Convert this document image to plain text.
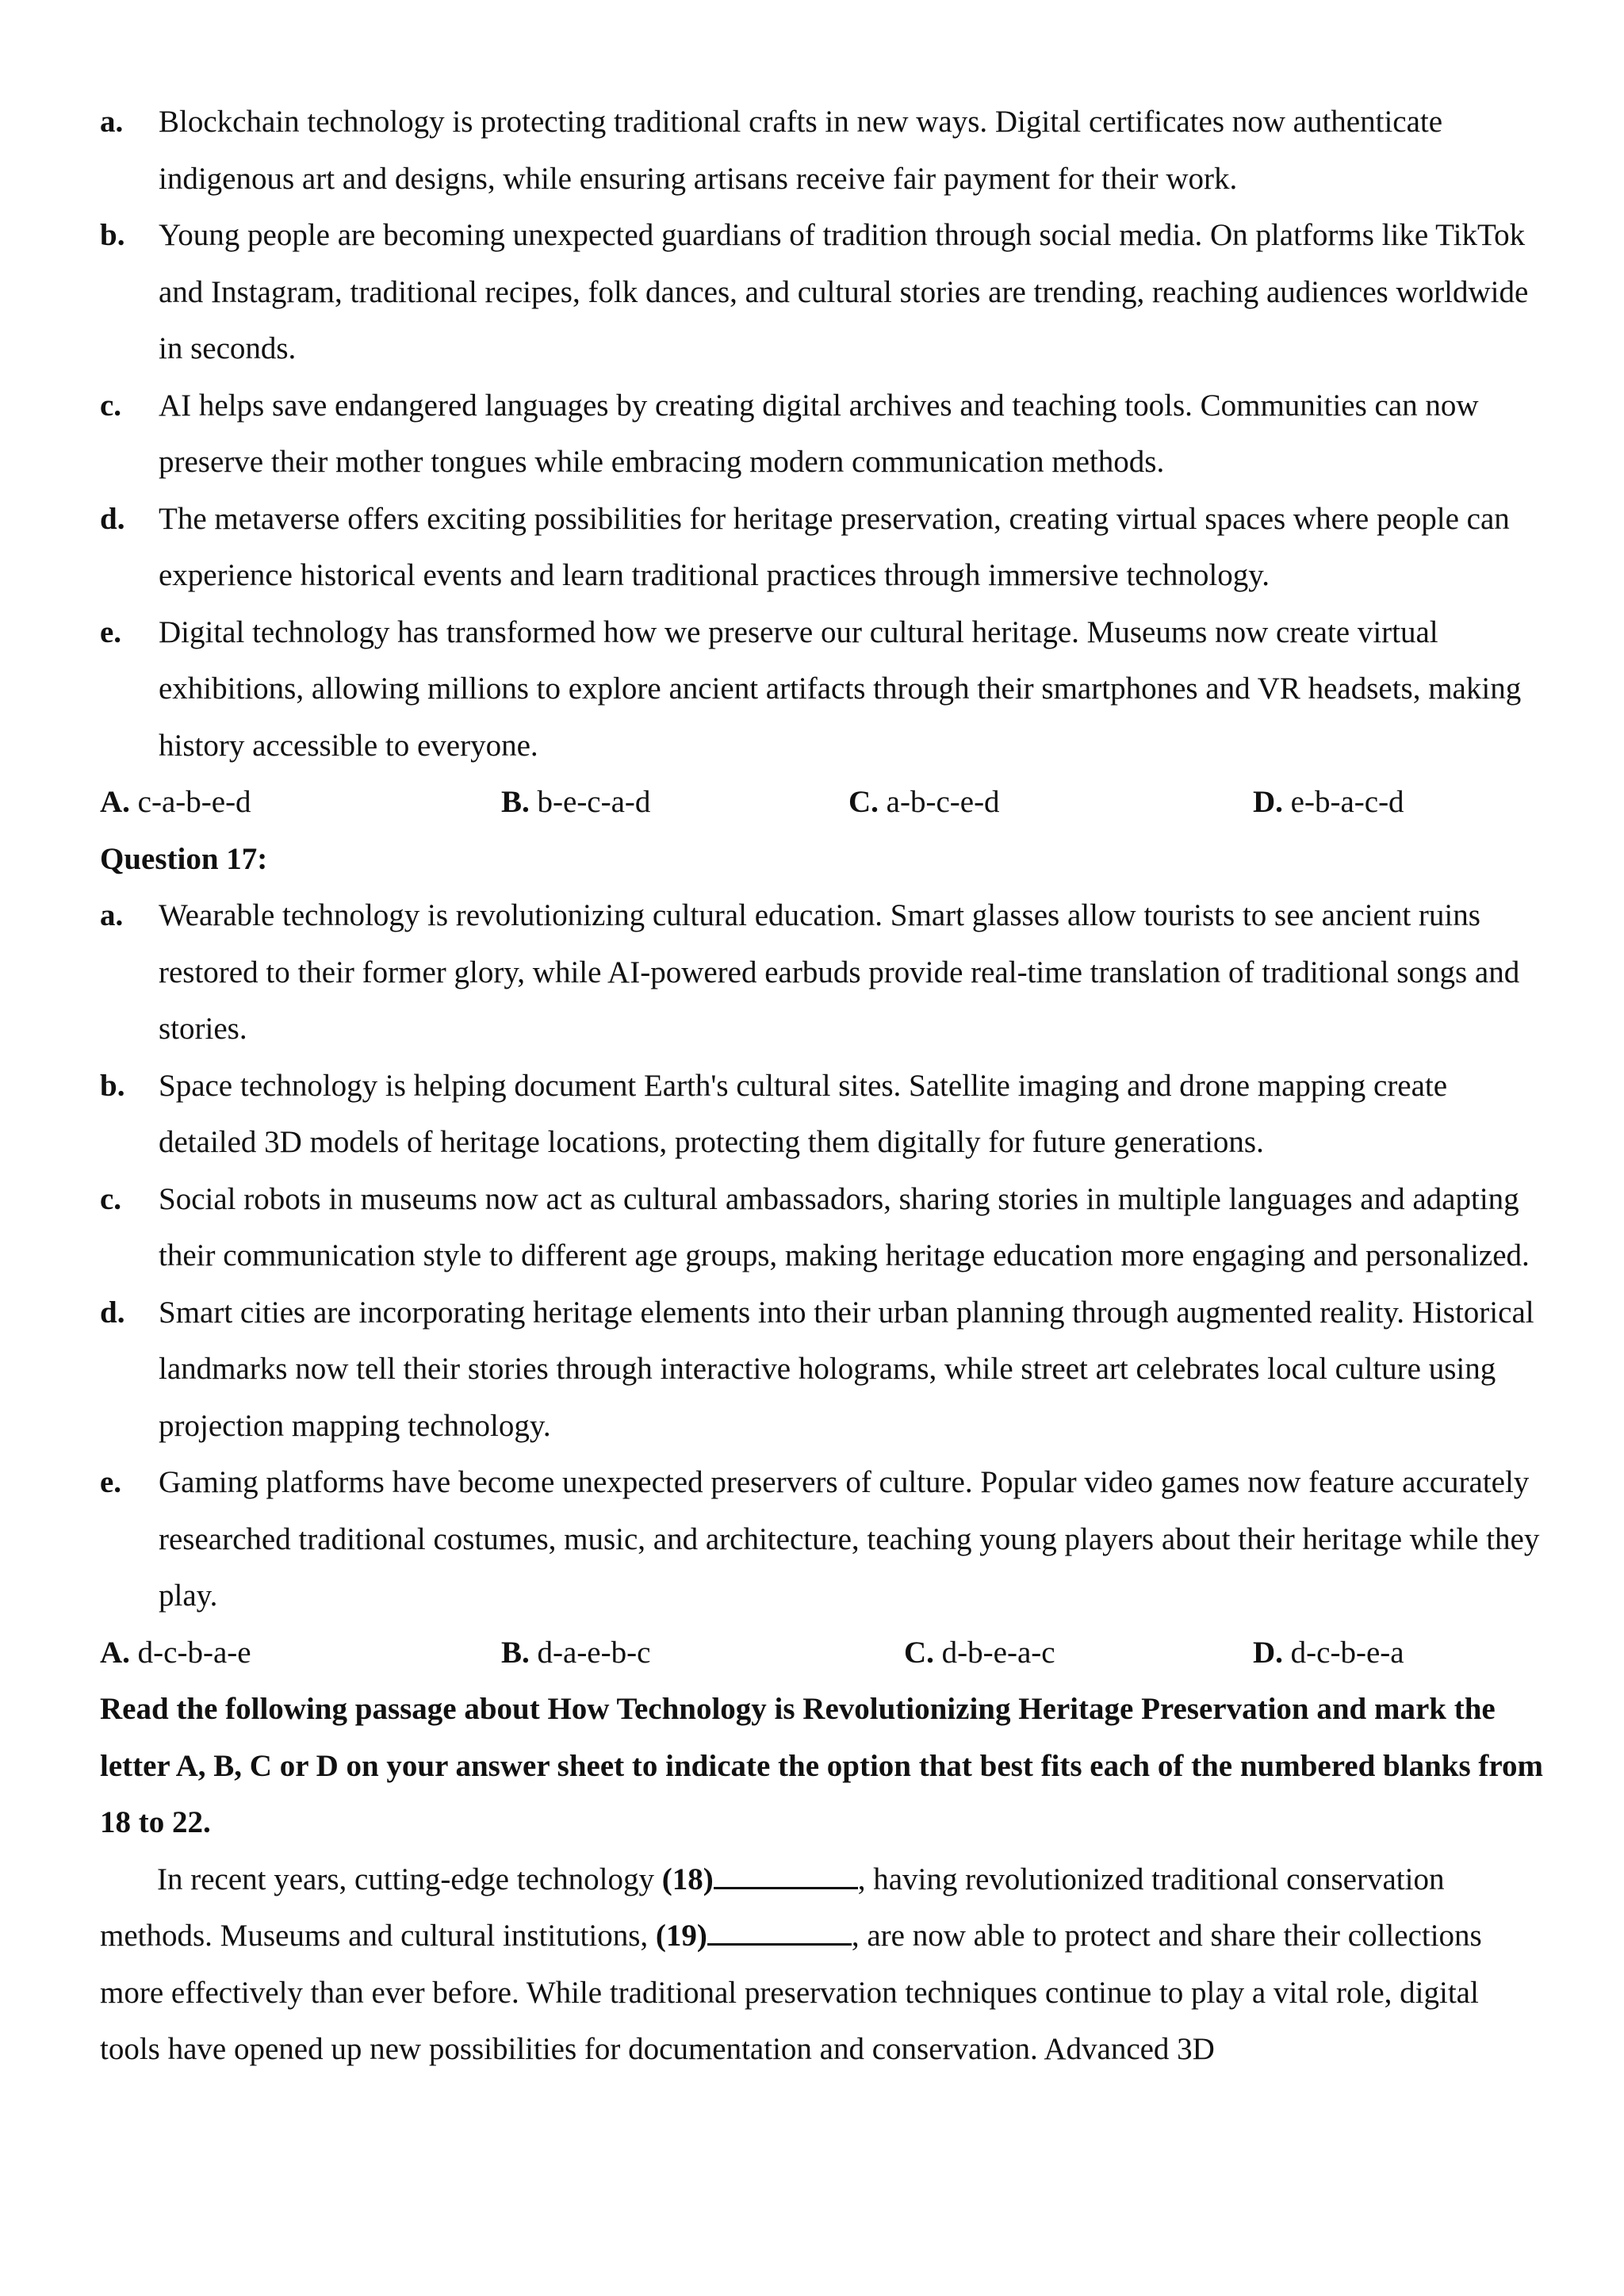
a.	Blockchain technology is protecting traditional crafts in new ways. Digital certificates now authenticate indigenous art and designs, while ensuring artisans receive fair payment for their work.

b.	Young people are becoming unexpected guardians of tradition through social media. On platforms like TikTok and Instagram, traditional recipes, folk dances, and cultural stories are trending, reaching audiences worldwide in seconds.

c.	AI helps save endangered languages by creating digital archives and teaching tools. Communities can now preserve their mother tongues while embracing modern communication methods.

d.	The metaverse offers exciting possibilities for heritage preservation, creating virtual spaces where people can experience historical events and learn traditional practices through immersive technology.

e.	Digital technology has transformed how we preserve our cultural heritage. Museums now create virtual exhibitions, allowing millions to explore ancient artifacts through their smartphones and VR headsets, making history accessible to everyone.

A. c-a-b-e-d	B. b-e-c-a-d	C. a-b-c-e-d	D. e-b-a-c-d

Question 17:

a.	Wearable technology is revolutionizing cultural education. Smart glasses allow tourists to see ancient ruins restored to their former glory, while AI-powered earbuds provide real-time translation of traditional songs and stories.

b.	Space technology is helping document Earth's cultural sites. Satellite imaging and drone mapping create detailed 3D models of heritage locations, protecting them digitally for future generations.

c.	Social robots in museums now act as cultural ambassadors, sharing stories in multiple languages and adapting their communication style to different age groups, making heritage education more engaging and personalized.

d.	Smart cities are incorporating heritage elements into their urban planning through augmented reality. Historical landmarks now tell their stories through interactive holograms, while street art celebrates local culture using projection mapping technology.

e.	Gaming platforms have become unexpected preservers of culture. Popular video games now feature accurately researched traditional costumes, music, and architecture, teaching young players about their heritage while they play.

A. d-c-b-a-e	B. d-a-e-b-c	C. d-b-e-a-c	D. d-c-b-e-a

Read the following passage about How Technology is Revolutionizing Heritage Preservation and mark the letter A, B, C or D on your answer sheet to indicate the option that best fits each of the numbered blanks from 18 to 22.

In recent years, cutting-edge technology (18)	, having revolutionized traditional conservation methods. Museums and cultural institutions, (19)	, are now able to protect and share their collections more effectively than ever before. While traditional preservation techniques continue to play a vital role, digital tools have opened up new possibilities for documentation and conservation. Advanced 3D
